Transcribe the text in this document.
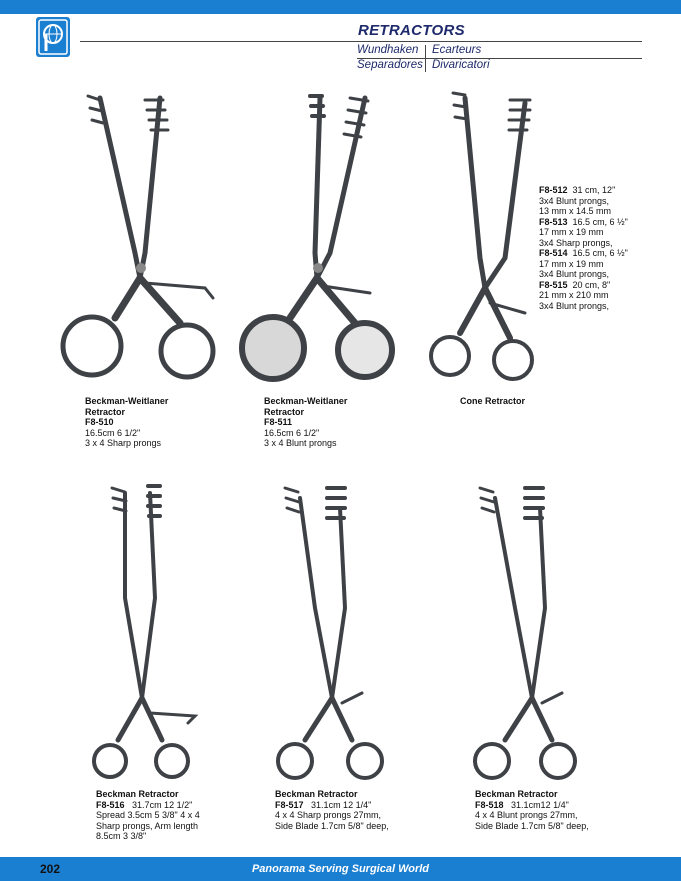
RETRACTORS
Wundhaken Ecarteurs
Separadores Divaricatori
Beckman-Weitlaner
Retractor
F8-510
16.5cm 6 1/2"
3 x 4 Sharp prongs
Beckman-Weitlaner
Retractor
F8-511
16.5cm 6 1/2"
3 x 4 Blunt prongs
Cone Retractor
F8-512 31 cm, 12"
3x4 Blunt prongs,
13 mm x 14.5 mm
F8-513 16.5 cm, 6 ½"
17 mm x 19 mm
3x4 Sharp prongs,
F8-514 16.5 cm, 6 ½"
17 mm x 19 mm
3x4 Blunt prongs,
F8-515 20 cm, 8"
21 mm x 210 mm
3x4 Blunt prongs,
Beckman Retractor
F8-516 31.7cm 12 1/2"
Spread 3.5cm 5 3/8" 4 x 4
Sharp prongs, Arm length
8.5cm 3 3/8"
Beckman Retractor
F8-517 31.1cm 12 1/4"
4 x 4 Sharp prongs 27mm,
Side Blade 1.7cm 5/8" deep,
Beckman Retractor
F8-518 31.1cm12 1/4"
4 x 4 Blunt prongs 27mm,
Side Blade 1.7cm 5/8" deep,
202	Panorama Serving Surgical World
